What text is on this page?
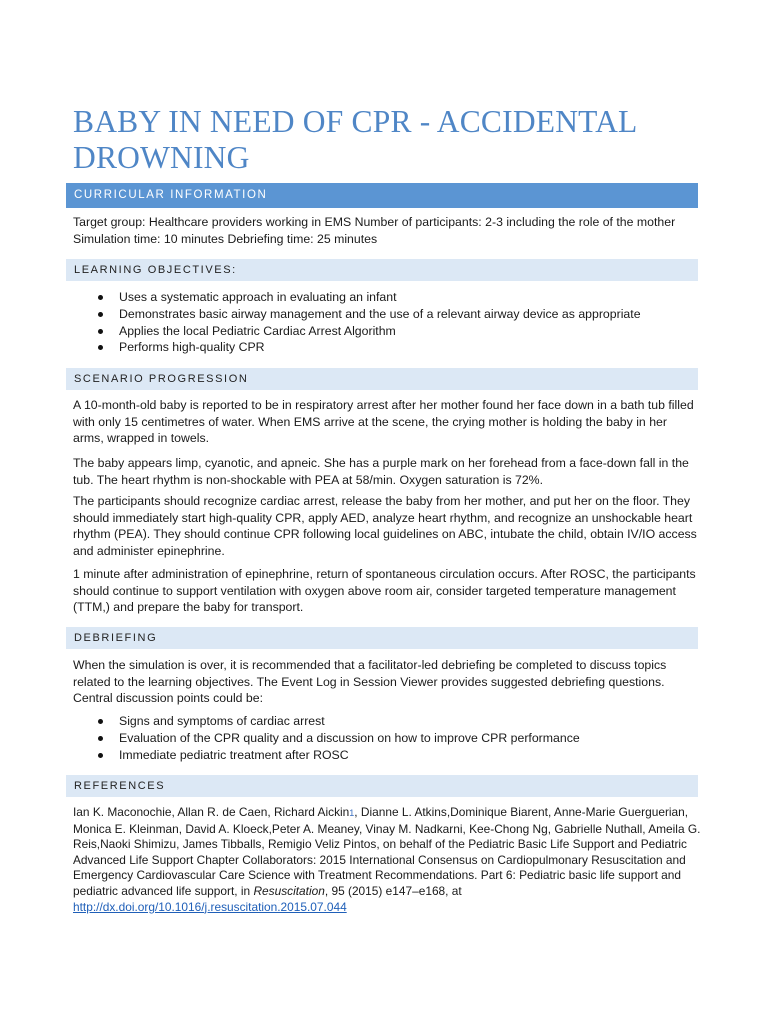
BABY IN NEED OF CPR - ACCIDENTAL DROWNING
CURRICULAR INFORMATION

Target group: Healthcare providers working in EMS Number of participants: 2-3 including the role of the mother Simulation time: 10 minutes Debriefing time: 25 minutes

LEARNING OBJECTIVES:
Uses a systematic approach in evaluating an infant
Demonstrates basic airway management and the use of a relevant airway device as appropriate
Applies the local Pediatric Cardiac Arrest Algorithm
Performs high-quality CPR
SCENARIO PROGRESSION

A 10-month-old baby is reported to be in respiratory arrest after her mother found her face down in a bath tub filled with only 15 centimetres of water. When EMS arrive at the scene, the crying mother is holding the baby in her arms, wrapped in towels.

The baby appears limp, cyanotic, and apneic. She has a purple mark on her forehead from a face-down fall in the tub. The heart rhythm is non-shockable with PEA at 58/min. Oxygen saturation is 72%.

The participants should recognize cardiac arrest, release the baby from her mother, and put her on the floor. They should immediately start high-quality CPR, apply AED, analyze heart rhythm, and recognize an unshockable heart rhythm (PEA). They should continue CPR following local guidelines on ABC, intubate the child, obtain IV/IO access and administer epinephrine.

1 minute after administration of epinephrine, return of spontaneous circulation occurs. After ROSC, the participants should continue to support ventilation with oxygen above room air, consider targeted temperature management (TTM,) and prepare the baby for transport.

DEBRIEFING

When the simulation is over, it is recommended that a facilitator-led debriefing be completed to discuss topics related to the learning objectives. The Event Log in Session Viewer provides suggested debriefing questions. Central discussion points could be:

Signs and symptoms of cardiac arrest
Evaluation of the CPR quality and a discussion on how to improve CPR performance
Immediate pediatric treatment after ROSC
REFERENCES

Ian K. Maconochie, Allan R. de Caen, Richard Aickin1, Dianne L. Atkins,Dominique Biarent, Anne-Marie Guerguerian, Monica E. Kleinman, David A. Kloeck,Peter A. Meaney, Vinay M. Nadkarni, Kee-Chong Ng, Gabrielle Nuthall, Ameila G. Reis,Naoki Shimizu, James Tibballs, Remigio Veliz Pintos, on behalf of the Pediatric Basic Life Support and Pediatric Advanced Life Support Chapter Collaborators: 2015 International Consensus on Cardiopulmonary Resuscitation and Emergency Cardiovascular Care Science with Treatment Recommendations. Part 6: Pediatric basic life support and pediatric advanced life support, in Resuscitation, 95 (2015) e147–e168, at http://dx.doi.org/10.1016/j.resuscitation.2015.07.044
